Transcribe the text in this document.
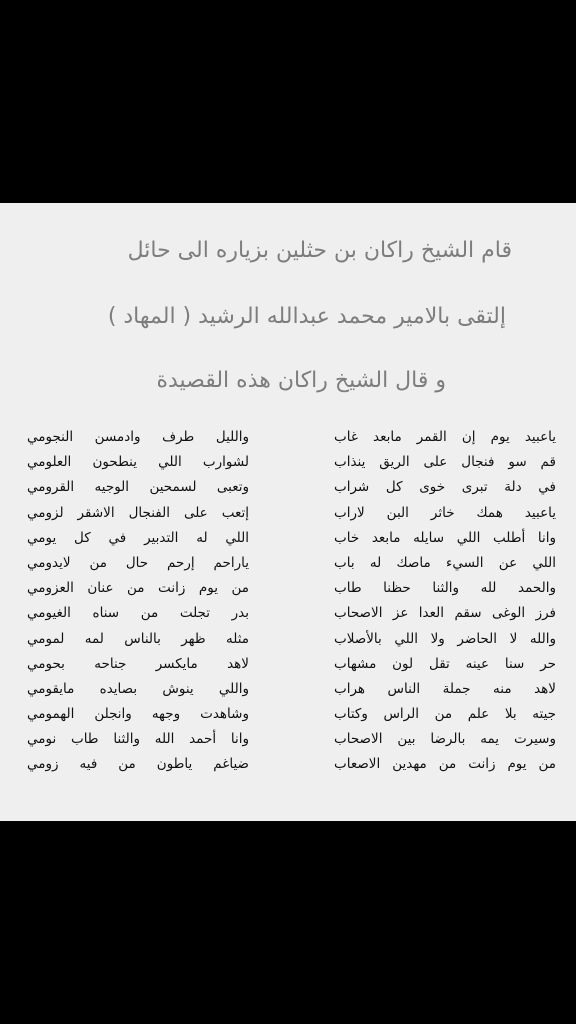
قام الشيخ راكان بن حثلين بزياره الى حائل
إلتقى بالامير محمد عبدالله الرشيد ( المهاد )
و قال الشيخ راكان هذه القصيدة
ياعبيد يوم إن القمر مابعد غاب
قم سو فنجال على الريق ينذاب
في دلة تبرى خوى كل شراب
ياعبيد همك خاثر البن لاراب
وانا أطلب اللي سايله مابعد خاب
اللي عن السيء ماصك له باب
والحمد لله والثنا حظنا طاب
فرز الوغى سقم العدا عز الاصحاب
والله لا الحاضر ولا اللي بالأصلاب
حر سنا عينه تقل لون مشهاب
لاهد منه جملة الناس هراب
جيته بلا علم من الراس وكتاب
وسيرت يمه بالرضا بين الاصحاب
من يوم زانت من مهدين الاصعاب
والليل طرف وادمسن النجومي
لشوارب اللي ينطحون العلومي
وتعبى لسمحين الوجيه القرومي
إتعب على الفنجال الاشقر لزومي
اللي له التدبير في كل يومي
ياراحم إرحم حال من لايدومي
من يوم زانت من عنان العزومي
بدر تجلت من سناه الغيومي
مثله ظهر بالناس لمه لمومي
لاهد مايكسر جناحه بحومي
واللي ينوش بصايده مايقومي
وشاهدت وجهه وانجلن الهمومي
وانا أحمد الله والثنا طاب نومي
ضياغم ياطون من فيه زومي
